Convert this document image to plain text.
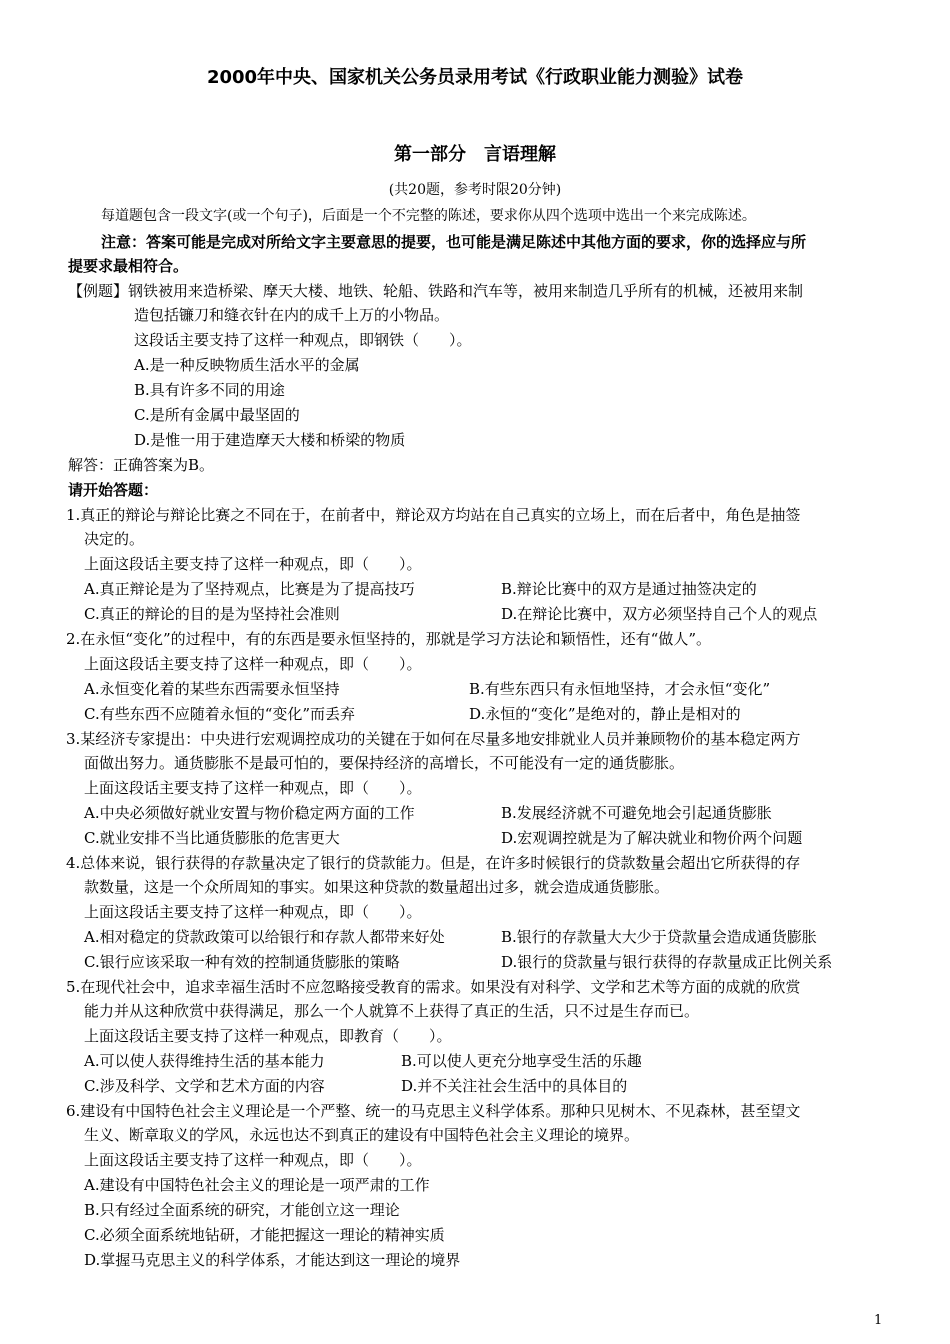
2000年中央、国家机关公务员录用考试《行政职业能力测验》试卷
第一部分　言语理解
(共20题，参考时限20分钟)
每道题包含一段文字(或一个句子)，后面是一个不完整的陈述，要求你从四个选项中选出一个来完成陈述。
注意：答案可能是完成对所给文字主要意思的提要，也可能是满足陈述中其他方面的要求，你的选择应与所
提要求最相符合。
【例题】钢铁被用来造桥梁、摩天大楼、地铁、轮船、铁路和汽车等，被用来制造几乎所有的机械，还被用来制
造包括镰刀和缝衣针在内的成千上万的小物品。
这段话主要支持了这样一种观点，即钢铁（　　）。
A.是一种反映物质生活水平的金属
B.具有许多不同的用途
C.是所有金属中最坚固的
D.是惟一用于建造摩天大楼和桥梁的物质
解答：正确答案为B。
请开始答题：
1.真正的辩论与辩论比赛之不同在于，在前者中，辩论双方均站在自己真实的立场上，而在后者中，角色是抽签
决定的。
上面这段话主要支持了这样一种观点，即（　　）。
A.真正辩论是为了坚持观点，比赛是为了提高技巧	B.辩论比赛中的双方是通过抽签决定的
C.真正的辩论的目的是为坚持社会准则	D.在辩论比赛中，双方必须坚持自己个人的观点
2.在永恒“变化”的过程中，有的东西是要永恒坚持的，那就是学习方法论和颖悟性，还有“做人”。
上面这段话主要支持了这样一种观点，即（　　）。
A.永恒变化着的某些东西需要永恒坚持	B.有些东西只有永恒地坚持，才会永恒“变化”
C.有些东西不应随着永恒的“变化”而丢弃	D.永恒的“变化”是绝对的，静止是相对的
3.某经济专家提出：中央进行宏观调控成功的关键在于如何在尽量多地安排就业人员并兼顾物价的基本稳定两方
面做出努力。通货膨胀不是最可怕的，要保持经济的高增长，不可能没有一定的通货膨胀。
上面这段话主要支持了这样一种观点，即（　　）。
A.中央必须做好就业安置与物价稳定两方面的工作	B.发展经济就不可避免地会引起通货膨胀
C.就业安排不当比通货膨胀的危害更大	D.宏观调控就是为了解决就业和物价两个问题
4.总体来说，银行获得的存款量决定了银行的贷款能力。但是，在许多时候银行的贷款数量会超出它所获得的存
款数量，这是一个众所周知的事实。如果这种贷款的数量超出过多，就会造成通货膨胀。
上面这段话主要支持了这样一种观点，即（　　）。
A.相对稳定的贷款政策可以给银行和存款人都带来好处	B.银行的存款量大大少于贷款量会造成通货膨胀
C.银行应该采取一种有效的控制通货膨胀的策略	D.银行的贷款量与银行获得的存款量成正比例关系
5.在现代社会中，追求幸福生活时不应忽略接受教育的需求。如果没有对科学、文学和艺术等方面的成就的欣赏
能力并从这种欣赏中获得满足，那么一个人就算不上获得了真正的生活，只不过是生存而已。
上面这段话主要支持了这样一种观点，即教育（　　）。
A.可以使人获得维持生活的基本能力	B.可以使人更充分地享受生活的乐趣
C.涉及科学、文学和艺术方面的内容	D.并不关注社会生活中的具体目的
6.建设有中国特色社会主义理论是一个严整、统一的马克思主义科学体系。那种只见树木、不见森林，甚至望文
生义、断章取义的学风，永远也达不到真正的建设有中国特色社会主义理论的境界。
上面这段话主要支持了这样一种观点，即（　　）。
A.建设有中国特色社会主义的理论是一项严肃的工作
B.只有经过全面系统的研究，才能创立这一理论
C.必须全面系统地钻研，才能把握这一理论的精神实质
D.掌握马克思主义的科学体系，才能达到这一理论的境界
1
